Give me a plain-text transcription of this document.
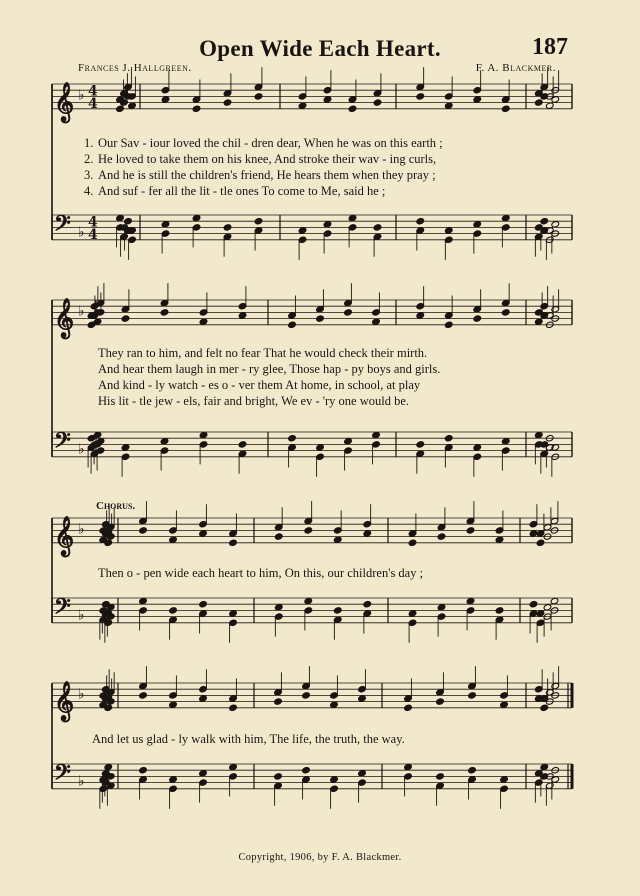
Open Wide Each Heart.	187
Frances J. Hallgreen.	F. A. Blackmer.
1. Our Sav - iour loved the chil - dren dear, When he was on this earth ;
2. He loved to take them on his knee, And stroke their wav - ing curls,
3. And he is still the children's friend, He hears them when they pray ;
4. And suf - fer all the lit - tle ones To come to Me, said he ;
They ran to him, and felt no fear That he would check their mirth.
And hear them laugh in mer - ry glee, Those hap - py boys and girls.
And kind - ly watch - es o - ver them At home, in school, at play
His lit - tle jew - els, fair and bright, We ev - 'ry one would be.
Chorus.
Then o - pen wide each heart to him, On this, our children's day ;
And let us glad - ly walk with him, The life, the truth, the way.
Copyright, 1906, by F. A. Blackmer.
𝄞 ♭ 4
4
𝄢 ♭
4
4
𝄞 ♭
𝄢 ♭
𝄞 ♭
𝄢 ♭
𝄞 ♭
𝄢 ♭
